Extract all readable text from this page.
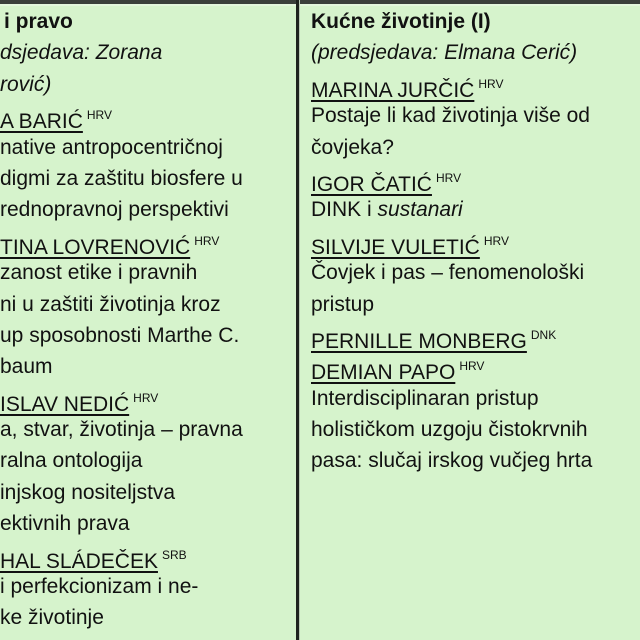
i pravo
dsjedava: Zorana
rović)
A BARIĆ $^{HRV}$
native antropocentričnoj
digmi za zaštitu biosfere u
rednopravnoj perspektivi
TINA LOVRENOVIĆ $^{HRV}$
zanost etike i pravnih
ni u zaštiti životinja kroz
up sposobnosti Marthe C.
baum
ISLAV NEDIĆ $^{HRV}$
a, stvar, životinja – pravna
ralna ontologija
injskog nositeljstva
ektivnih prava
HAL SLÁDEČEK $^{SRB}$
i perfekcionizam i ne-
ke životinje
Kućne životinje (I)
(predsjedava: Elmana Cerić)
MARINA JURČIĆ $^{HRV}$
Postaje li kad životinja više od
čovjeka?
IGOR ČATIĆ $^{HRV}$
DINK i sustanari
SILVIJE VULETIĆ $^{HRV}$
Čovjek i pas – fenomenološki
pristup
PERNILLE MONBERG $^{DNK}$
DEMIAN PAPO $^{HRV}$
Interdisciplinaran pristup
holističkom uzgoju čistokrvnih
pasa: slučaj irskog vučjeg hrta
